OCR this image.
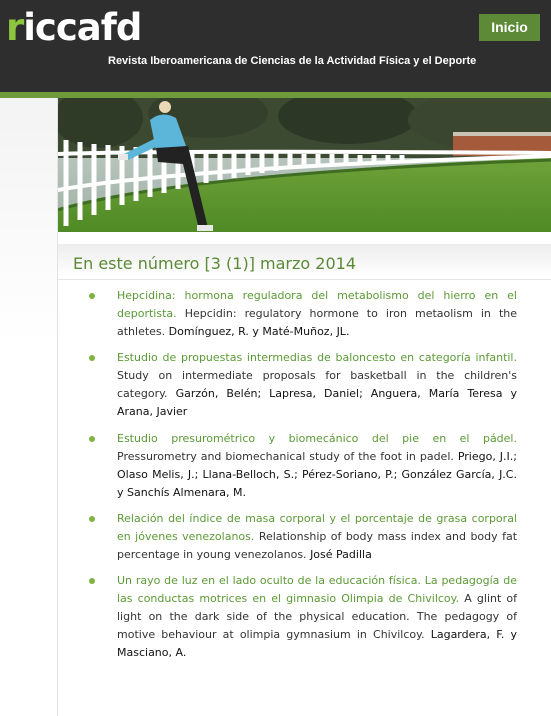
riccafd
Revista Iberoamericana de Ciencias de la Actividad Física y el Deporte
Inicio
En este número [3 (1)] marzo 2014
Hepcidina: hormona reguladora del metabolismo del hierro en el deportista. Hepcidin: regulatory hormone to iron metaolism in the athletes. Domínguez, R. y Maté-Muñoz, JL.
Estudio de propuestas intermedias de baloncesto en categoría infantil. Study on intermediate proposals for basketball in the children's category. Garzón, Belén; Lapresa, Daniel; Anguera, María Teresa y Arana, Javier
Estudio presurométrico y biomecánico del pie en el pádel. Pressurometry and biomechanical study of the foot in padel. Priego, J.I.; Olaso Melis, J.; Llana-Belloch, S.; Pérez-Soriano, P.; González García, J.C. y Sanchís Almenara, M.
Relación del índice de masa corporal y el porcentaje de grasa corporal en jóvenes venezolanos. Relationship of body mass index and body fat percentage in young venezolanos. José Padilla
Un rayo de luz en el lado oculto de la educación física. La pedagogía de las conductas motrices en el gimnasio Olimpia de Chivilcoy. A glint of light on the dark side of the physical education. The pedagogy of motive behaviour at olimpia gymnasium in Chivilcoy. Lagardera, F. y Masciano, A.
